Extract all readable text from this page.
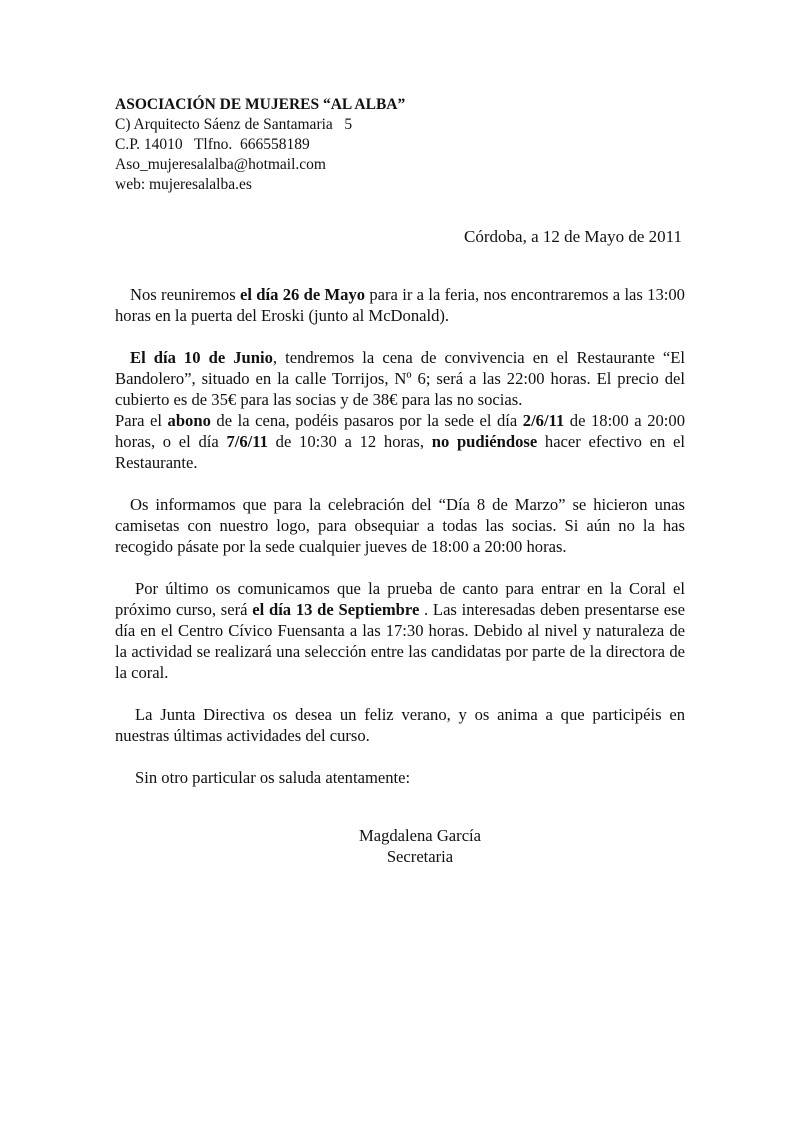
ASOCIACIÓN DE MUJERES “AL ALBA”
C) Arquitecto Sáenz de Santamaria   5
C.P. 14010   Tlfno.  666558189
Aso_mujeresalalba@hotmail.com
web: mujeresalalba.es
Córdoba, a 12 de Mayo de 2011

Nos reuniremos el día 26 de Mayo para ir a la feria, nos encontraremos a las 13:00 horas en la puerta del Eroski (junto al McDonald).

El día 10 de Junio, tendremos la cena de convivencia en el Restaurante “El Bandolero”, situado en la calle Torrijos, Nº 6; será a las 22:00 horas. El precio del cubierto es de 35€ para las socias y de 38€ para las no socias.

Para el abono de la cena, podéis pasaros por la sede el día 2/6/11 de 18:00 a 20:00 horas, o el día 7/6/11 de 10:30 a 12 horas, no pudiéndose hacer efectivo en el Restaurante.

Os informamos que para la celebración del “Día 8 de Marzo” se hicieron unas camisetas con nuestro logo, para obsequiar a todas las socias. Si aún no la has recogido pásate por la sede cualquier jueves de 18:00 a 20:00 horas.

Por último os comunicamos que la prueba de canto para entrar en la Coral el próximo curso, será el día 13 de Septiembre . Las interesadas deben presentarse ese día en el Centro Cívico Fuensanta a las 17:30 horas. Debido al nivel y naturaleza de la actividad se realizará una selección entre las candidatas por parte de la directora de la coral.

La Junta Directiva os desea un feliz verano, y os anima a que participéis en nuestras últimas actividades del curso.

Sin otro particular os saluda atentamente:

Magdalena García
Secretaria
